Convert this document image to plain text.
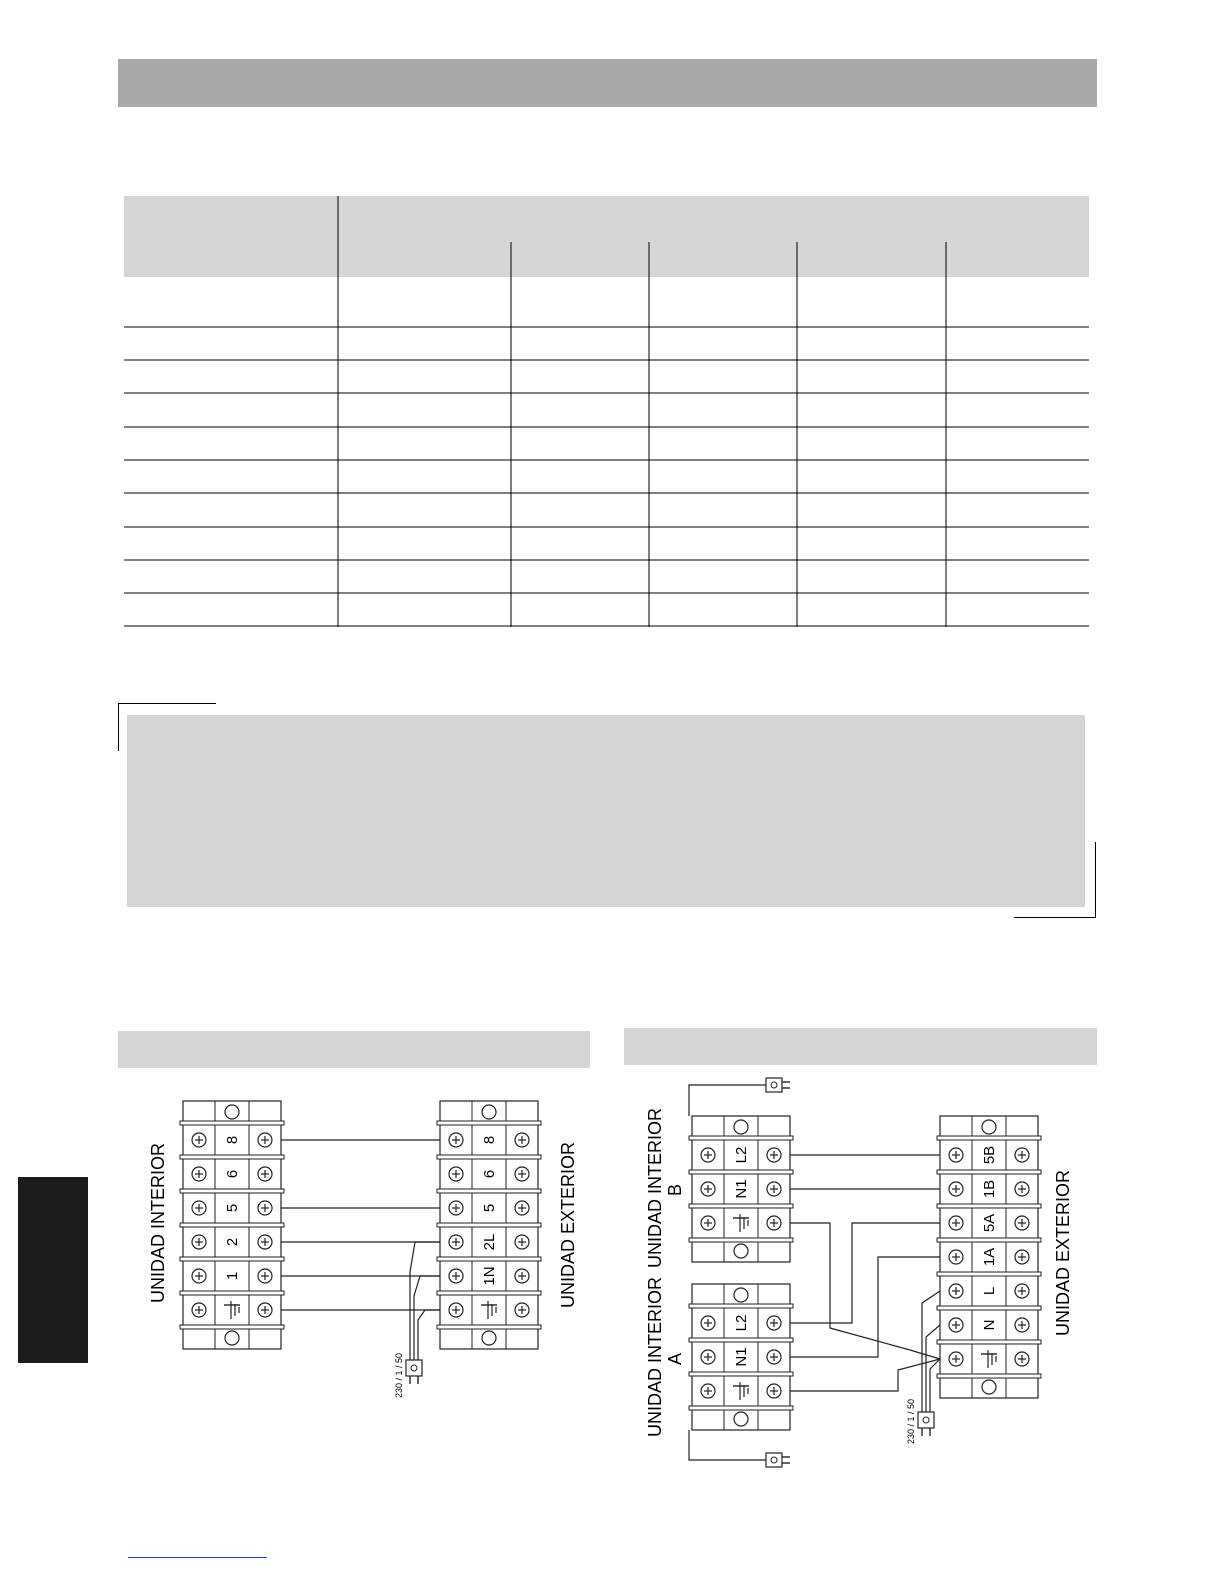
8
6
5
2
1
8
6
5
2L
1N
L2
N1
L2
N1
5B
1B
5A
1A
L
N
UNIDAD INTERIOR	UNIDAD EXTERIOR
230 / 1 / 50
UNIDAD INTERIOR B
UNIDAD INTERIOR A
UNIDAD EXTERIOR
230 / 1 / 50
